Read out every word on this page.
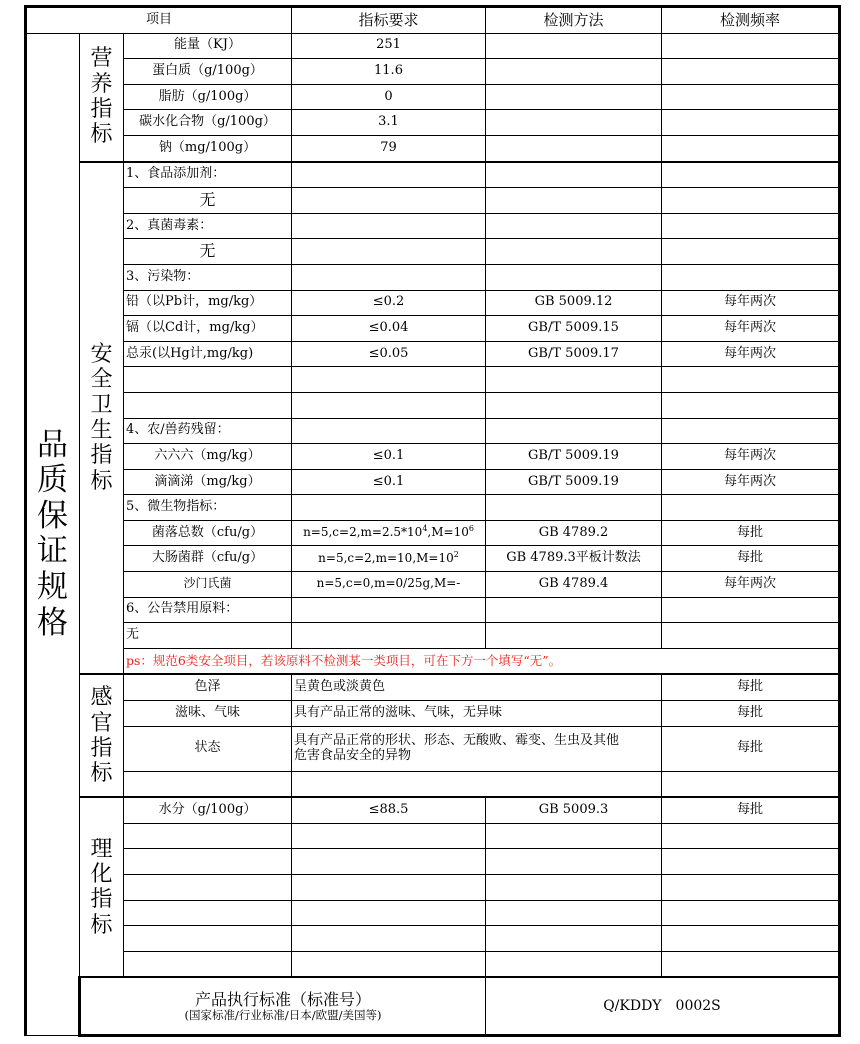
项目			指标要求	检测方法	检测频率
品质保证规格	营养指标	能量（KJ）	251		
		蛋白质（g/100g）	11.6		
		脂肪（g/100g）	0		
		碳水化合物（g/100g）	3.1		
		钠（mg/100g）	79		
	安全卫生指标	1、食品添加剂：			
		无			
		2、真菌毒素：			
		无			
		3、污染物：			
		铅（以Pb计，mg/kg）	≤0.2	GB 5009.12	每年两次
		镉（以Cd计，mg/kg）	≤0.04	GB/T 5009.15	每年两次
		总汞(以Hg计,mg/kg)	≤0.05	GB/T 5009.17	每年两次

		4、农/兽药残留：			
		六六六（mg/kg）	≤0.1	GB/T 5009.19	每年两次
		滴滴涕（mg/kg）	≤0.1	GB/T 5009.19	每年两次
		5、微生物指标：			
		菌落总数（cfu/g）	$n=5,c=2,m=2.5*10^4,M=10^6$	GB 4789.2	每批
		大肠菌群（cfu/g）	$n=5,c=2,m=10,M=10^2$	GB 4789.3平板计数法	每批
		沙门氏菌	n=5,c=0,m=0/25g,M=-	GB 4789.4	每年两次
		6、公告禁用原料：			
		无			
		ps：规范6类安全项目，若该原料不检测某一类项目，可在下方一个填写“无”。			
	感官指标	色泽	呈黄色或淡黄色		每批
		滋味、气味	具有产品正常的滋味、气味，无异味		每批
		状态	具有产品正常的形状、形态、无酸败、霉变、生虫及其他危害食品安全的异物		每批

	理化指标	水分（g/100g）	≤88.5	GB 5009.3	每批

	产品执行标准（标准号）
(国家标准/行业标准/日本/欧盟/美国等)			Q/KDDY　0002S	
